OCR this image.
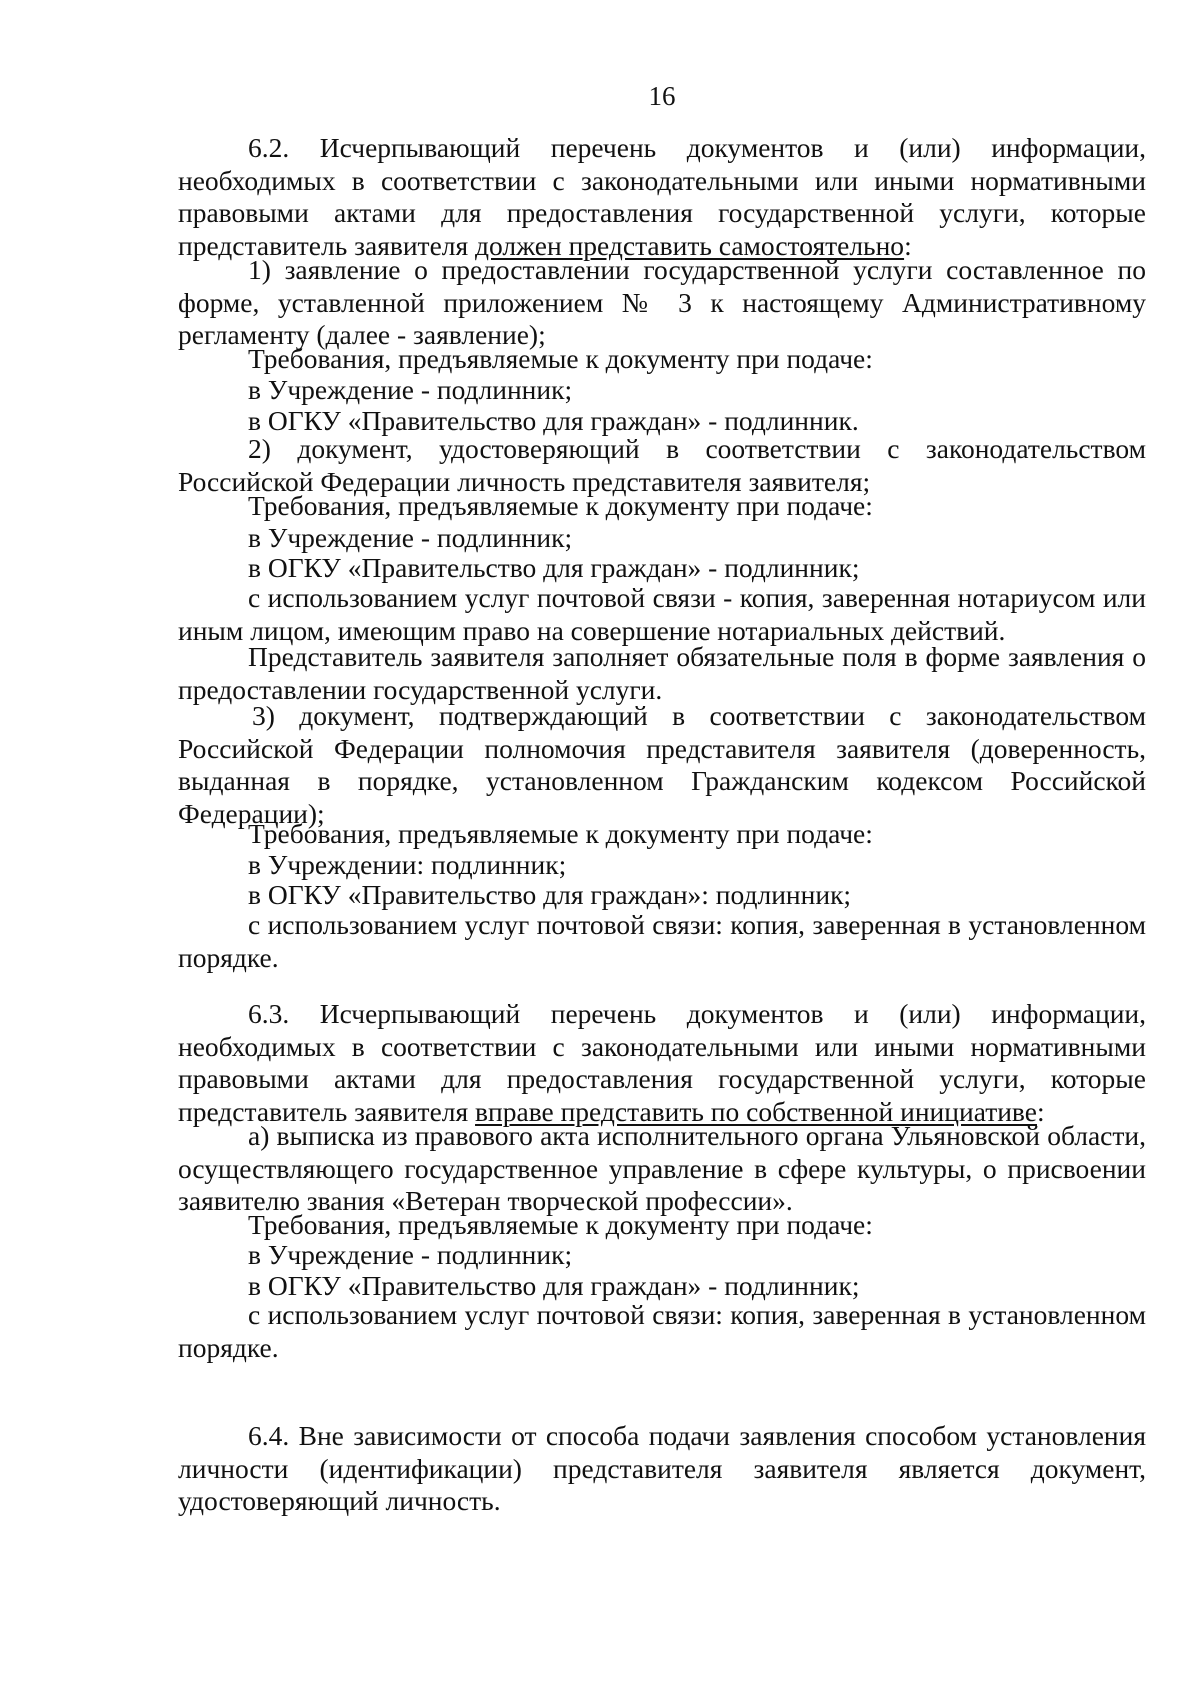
16

6.2. Исчерпывающий перечень документов и (или) информации, необходимых в соответствии с законодательными или иными нормативными правовыми актами для предоставления государственной услуги, которые представитель заявителя должен представить самостоятельно:

1) заявление о предоставлении государственной услуги составленное по форме, уставленной приложением № 3 к настоящему Административному регламенту (далее - заявление);

Требования, предъявляемые к документу при подаче:

в Учреждение - подлинник;

в ОГКУ «Правительство для граждан» - подлинник.

2) документ, удостоверяющий в соответствии с законодательством Российской Федерации личность представителя заявителя;

Требования, предъявляемые к документу при подаче:

в Учреждение - подлинник;

в ОГКУ «Правительство для граждан» - подлинник;

с использованием услуг почтовой связи - копия, заверенная нотариусом или иным лицом, имеющим право на совершение нотариальных действий.

Представитель заявителя заполняет обязательные поля в форме заявления о предоставлении государственной услуги.

3) документ, подтверждающий в соответствии с законодательством Российской Федерации полномочия представителя заявителя (доверенность, выданная в порядке, установленном Гражданским кодексом Российской Федерации);

Требования, предъявляемые к документу при подаче:

в Учреждении: подлинник;

в ОГКУ «Правительство для граждан»: подлинник;

с использованием услуг почтовой связи: копия, заверенная в установленном порядке.

6.3. Исчерпывающий перечень документов и (или) информации, необходимых в соответствии с законодательными или иными нормативными правовыми актами для предоставления государственной услуги, которые представитель заявителя вправе представить по собственной инициативе:

а) выписка из правового акта исполнительного органа Ульяновской области, осуществляющего государственное управление в сфере культуры, о присвоении заявителю звания «Ветеран творческой профессии».

Требования, предъявляемые к документу при подаче:

в Учреждение - подлинник;

в ОГКУ «Правительство для граждан» - подлинник;

с использованием услуг почтовой связи: копия, заверенная в установленном порядке.

6.4. Вне зависимости от способа подачи заявления способом установления личности (идентификации) представителя заявителя является документ, удостоверяющий личность.
